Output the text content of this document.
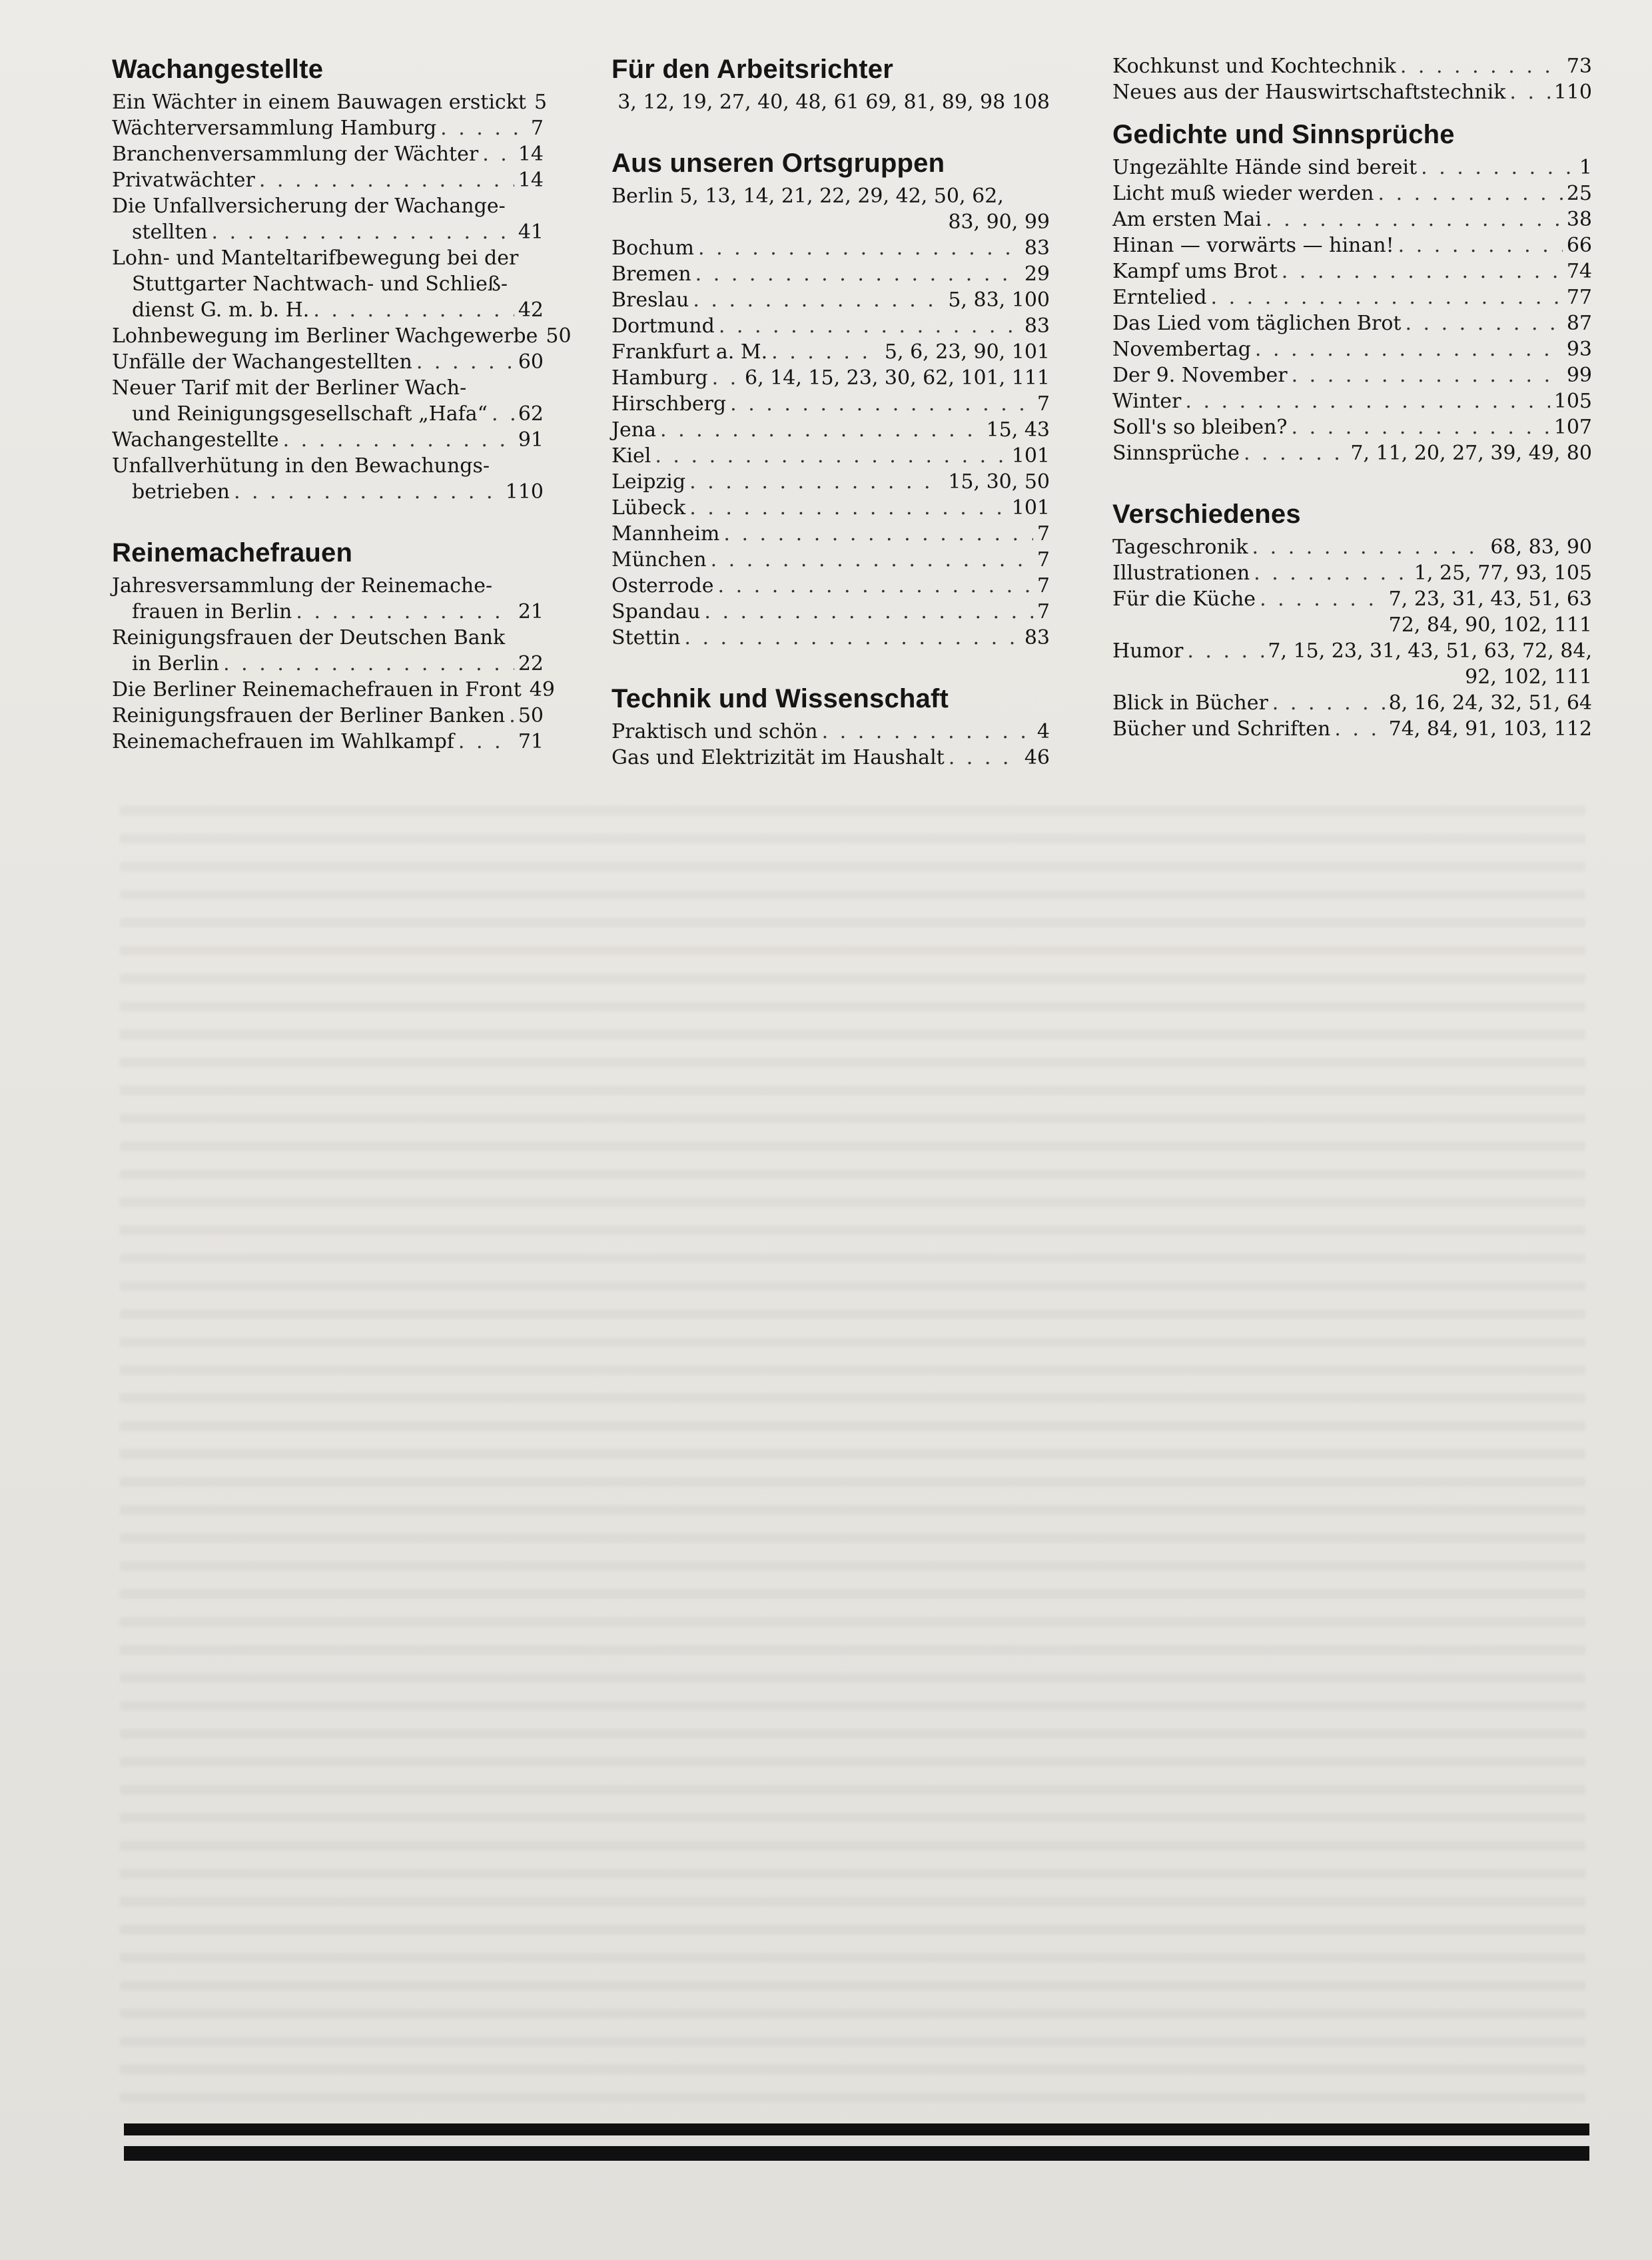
Wachangestellte
Ein Wächter in einem Bauwagen erstickt 5
Wächterversammlung Hamburg . . .	7
Branchenversammlung der Wächter . . . 14
Privatwächter . . .	14
Die Unfallversicherung der Wachange-
stellten . . .	41
Lohn- und Manteltarifbewegung bei der
Stuttgarter Nachtwach- und Schließ-
dienst G. m. b. H. . . .	42
Lohnbewegung im Berliner Wachgewerbe 50
Unfälle der Wachangestellten . . .	60
Neuer Tarif mit der Berliner Wach-
und Reinigungsgesellschaft „Hafa“ . . . 62
Wachangestellte . . .	91
Unfallverhütung in den Bewachungs-
betrieben . . .	110
Reinemachefrauen
Jahresversammlung der Reinemache-
frauen in Berlin . . .	21
Reinigungsfrauen der Deutschen Bank
in Berlin . . .	22
Die Berliner Reinemachefrauen in Front 49
Reinigungsfrauen der Berliner Banken . . . 50
Reinemachefrauen im Wahlkampf . . .	71
Für den Arbeitsrichter
3, 12, 19, 27, 40, 48, 61 69, 81, 89, 98 108
Aus unseren Ortsgruppen
Berlin 5, 13, 14, 21, 22, 29, 42, 50, 62,
83, 90, 99
Bochum . . .	83
Bremen . . .	29
Breslau . . .	5, 83, 100
Dortmund . . .	83
Frankfurt a. M. . . .	5, 6, 23, 90, 101
Hamburg . . . 6, 14, 15, 23, 30, 62, 101, 111
Hirschberg . . .	7
Jena . . .	15, 43
Kiel . . .	101
Leipzig . . .	15, 30, 50
Lübeck . . .	101
Mannheim . . .	7
München . . .	7
Osterrode . . .	7
Spandau . . .	7
Stettin . . .	83
Technik und Wissenschaft
Praktisch und schön . . .	4
Gas und Elektrizität im Haushalt . . .	46
Kochkunst und Kochtechnik . . .	73
Neues aus der Hauswirtschaftstechnik . . . 110
Gedichte und Sinnsprüche
Ungezählte Hände sind bereit . . .	1
Licht muß wieder werden . . .	25
Am ersten Mai . . .	38
Hinan — vorwärts — hinan! . . .	66
Kampf ums Brot . . .	74
Erntelied . . .	77
Das Lied vom täglichen Brot . . .	87
Novembertag . . .	93
Der 9. November . . .	99
Winter . . .	105
Soll's so bleiben? . . .	107
Sinnsprüche . . .	7, 11, 20, 27, 39, 49, 80
Verschiedenes
Tageschronik . . .	68, 83, 90
Illustrationen . . .	1, 25, 77, 93, 105
Für die Küche . . .	7, 23, 31, 43, 51, 63
72, 84, 90, 102, 111
Humor . . .	7, 15, 23, 31, 43, 51, 63, 72, 84,
92, 102, 111
Blick in Bücher . . .	8, 16, 24, 32, 51, 64
Bücher und Schriften . . .	74, 84, 91, 103, 112
